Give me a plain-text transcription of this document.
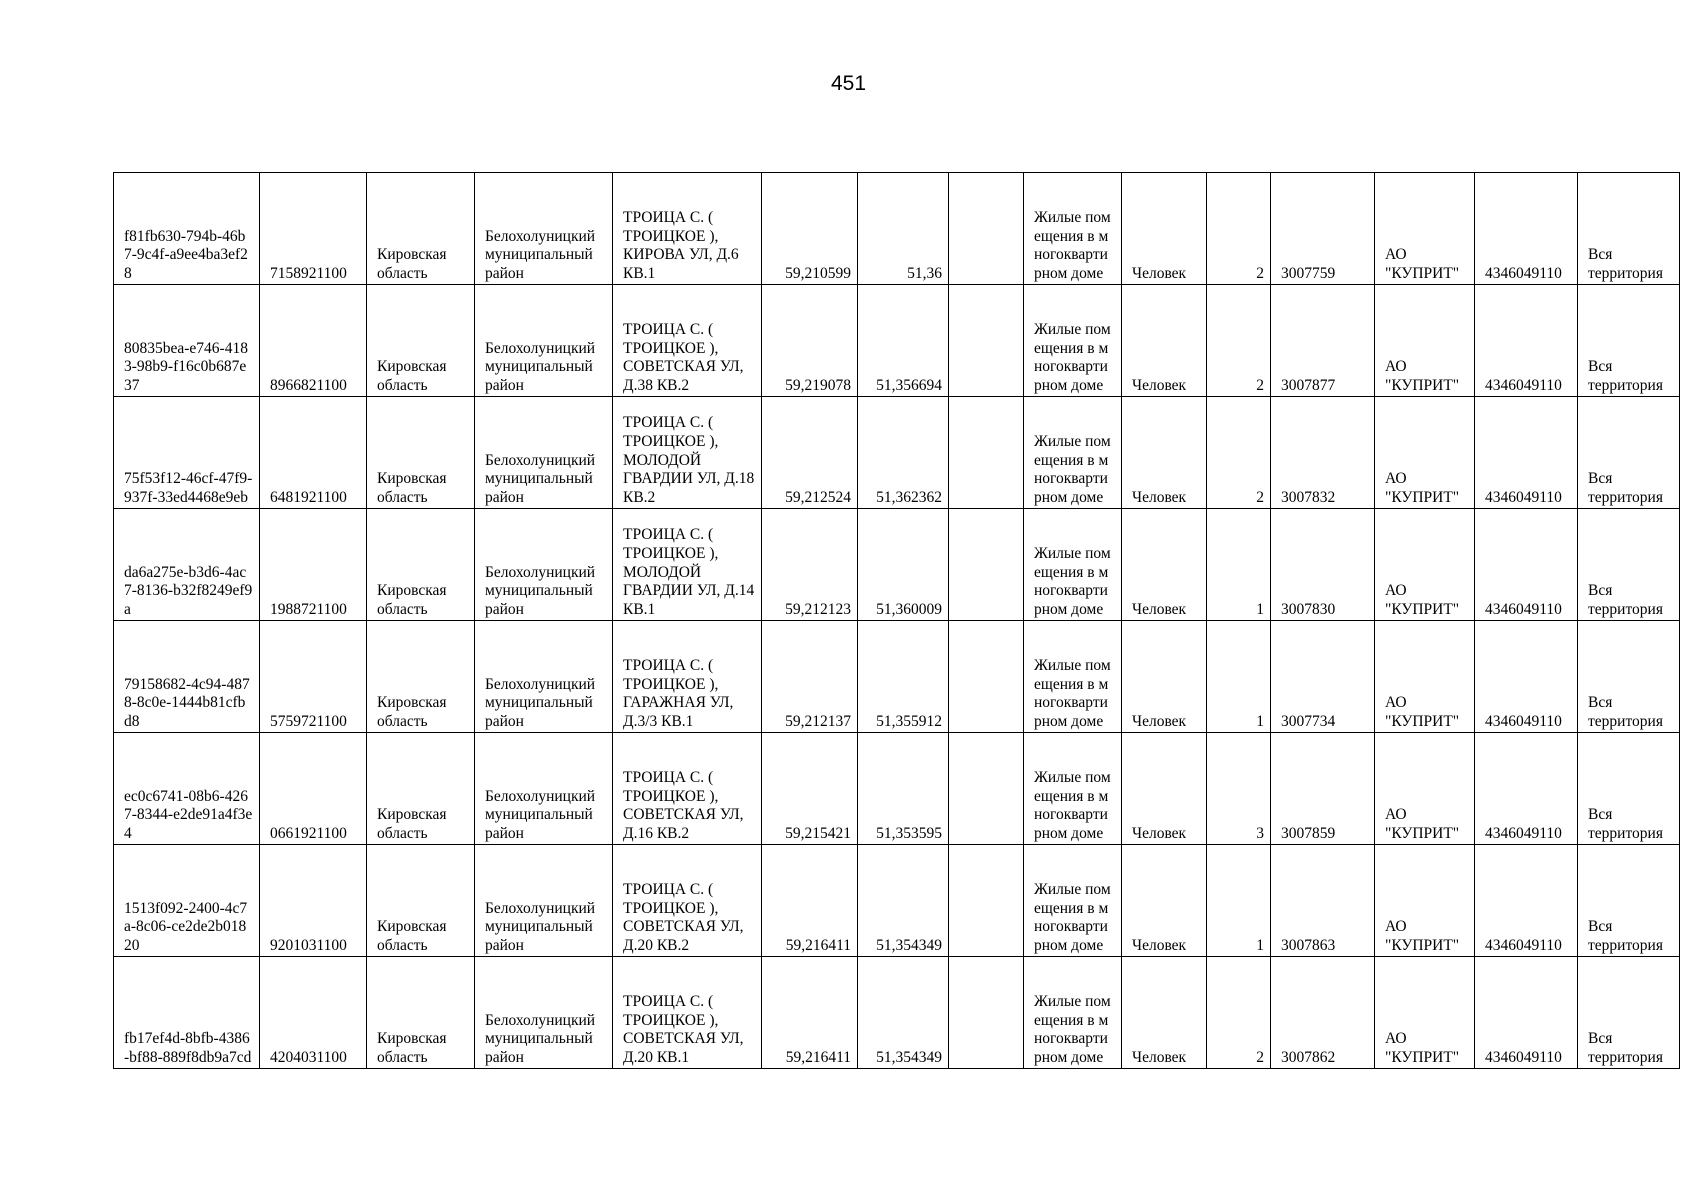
451
f81fb630-794b-46b7-9c4f-a9ee4ba3ef28	7158921100	Кировская область	Белохолуницкий муниципальный район	ТРОИЦА С. ( ТРОИЦКОЕ ), КИРОВА УЛ, Д.6 КВ.1	59,210599	51,36		Жилые помещения в многоквартирном доме	Человек	2	3007759	АО "КУПРИТ"	4346049110	Вся территория
80835bea-e746-4183-98b9-f16c0b687e37	8966821100	Кировская область	Белохолуницкий муниципальный район	ТРОИЦА С. ( ТРОИЦКОЕ ), СОВЕТСКАЯ УЛ, Д.38 КВ.2	59,219078	51,356694		Жилые помещения в многоквартирном доме	Человек	2	3007877	АО "КУПРИТ"	4346049110	Вся территория
75f53f12-46cf-47f9-937f-33ed4468e9eb	6481921100	Кировская область	Белохолуницкий муниципальный район	ТРОИЦА С. ( ТРОИЦКОЕ ), МОЛОДОЙ ГВАРДИИ УЛ, Д.18 КВ.2	59,212524	51,362362		Жилые помещения в многоквартирном доме	Человек	2	3007832	АО "КУПРИТ"	4346049110	Вся территория
da6a275e-b3d6-4ac7-8136-b32f8249ef9a	1988721100	Кировская область	Белохолуницкий муниципальный район	ТРОИЦА С. ( ТРОИЦКОЕ ), МОЛОДОЙ ГВАРДИИ УЛ, Д.14 КВ.1	59,212123	51,360009		Жилые помещения в многоквартирном доме	Человек	1	3007830	АО "КУПРИТ"	4346049110	Вся территория
79158682-4c94-4878-8c0e-1444b81cfbd8	5759721100	Кировская область	Белохолуницкий муниципальный район	ТРОИЦА С. ( ТРОИЦКОЕ ), ГАРАЖНАЯ УЛ, Д.3/3 КВ.1	59,212137	51,355912		Жилые помещения в многоквартирном доме	Человек	1	3007734	АО "КУПРИТ"	4346049110	Вся территория
ec0c6741-08b6-4267-8344-e2de91a4f3e4	0661921100	Кировская область	Белохолуницкий муниципальный район	ТРОИЦА С. ( ТРОИЦКОЕ ), СОВЕТСКАЯ УЛ, Д.16 КВ.2	59,215421	51,353595		Жилые помещения в многоквартирном доме	Человек	3	3007859	АО "КУПРИТ"	4346049110	Вся территория
1513f092-2400-4c7a-8c06-ce2de2b01820	9201031100	Кировская область	Белохолуницкий муниципальный район	ТРОИЦА С. ( ТРОИЦКОЕ ), СОВЕТСКАЯ УЛ, Д.20 КВ.2	59,216411	51,354349		Жилые помещения в многоквартирном доме	Человек	1	3007863	АО "КУПРИТ"	4346049110	Вся территория
fb17ef4d-8bfb-4386-bf88-889f8db9a7cd	4204031100	Кировская область	Белохолуницкий муниципальный район	ТРОИЦА С. ( ТРОИЦКОЕ ), СОВЕТСКАЯ УЛ, Д.20 КВ.1	59,216411	51,354349		Жилые помещения в многоквартирном доме	Человек	2	3007862	АО "КУПРИТ"	4346049110	Вся территория
